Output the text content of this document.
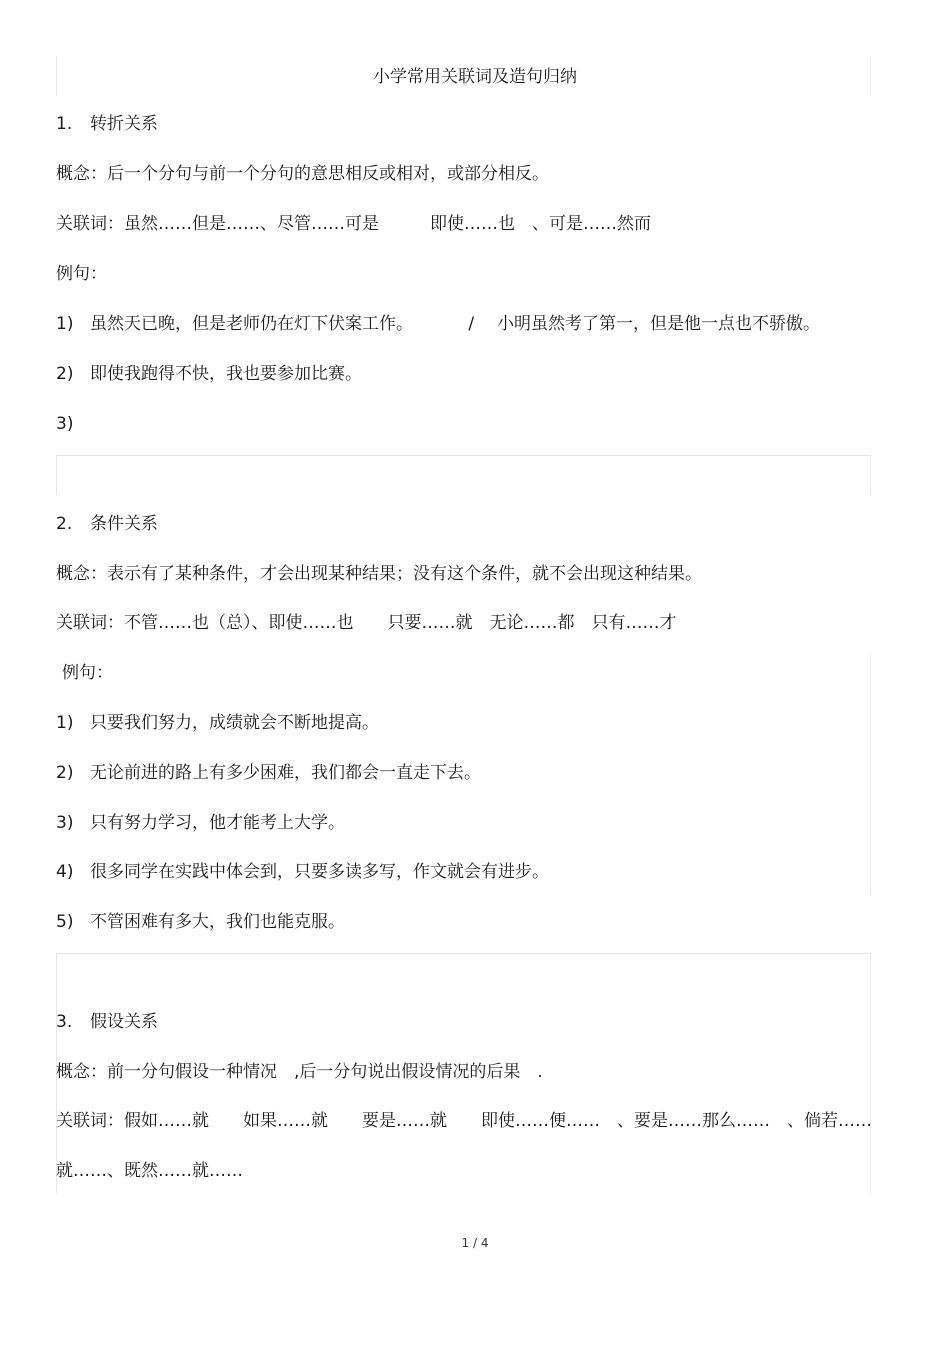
小学常用关联词及造句归纳
1. 转折关系
概念：后一个分句与前一个分句的意思相反或相对，或部分相反。
关联词：虽然……但是……、尽管……可是　　　即使……也　、可是……然而
例句：
1) 虽然天已晚，但是老师仍在灯下伏案工作。	/ 小明虽然考了第一，但是他一点也不骄傲。
2) 即使我跑得不快，我也要参加比赛。
3)
2. 条件关系
概念：表示有了某种条件，才会出现某种结果；没有这个条件，就不会出现这种结果。
关联词：不管……也（总）、即使……也　　只要……就　无论……都　只有……才
例句：
1) 只要我们努力，成绩就会不断地提高。
2) 无论前进的路上有多少困难，我们都会一直走下去。
3) 只有努力学习，他才能考上大学。
4) 很多同学在实践中体会到，只要多读多写，作文就会有进步。
5) 不管困难有多大，我们也能克服。
3. 假设关系
概念：前一分句假设一种情况　,后一分句说出假设情况的后果　.
关联词：假如……就　　如果……就　　要是……就　　即使……便……　、要是……那么……　、倘若……
就……、既然……就……
1 / 4
